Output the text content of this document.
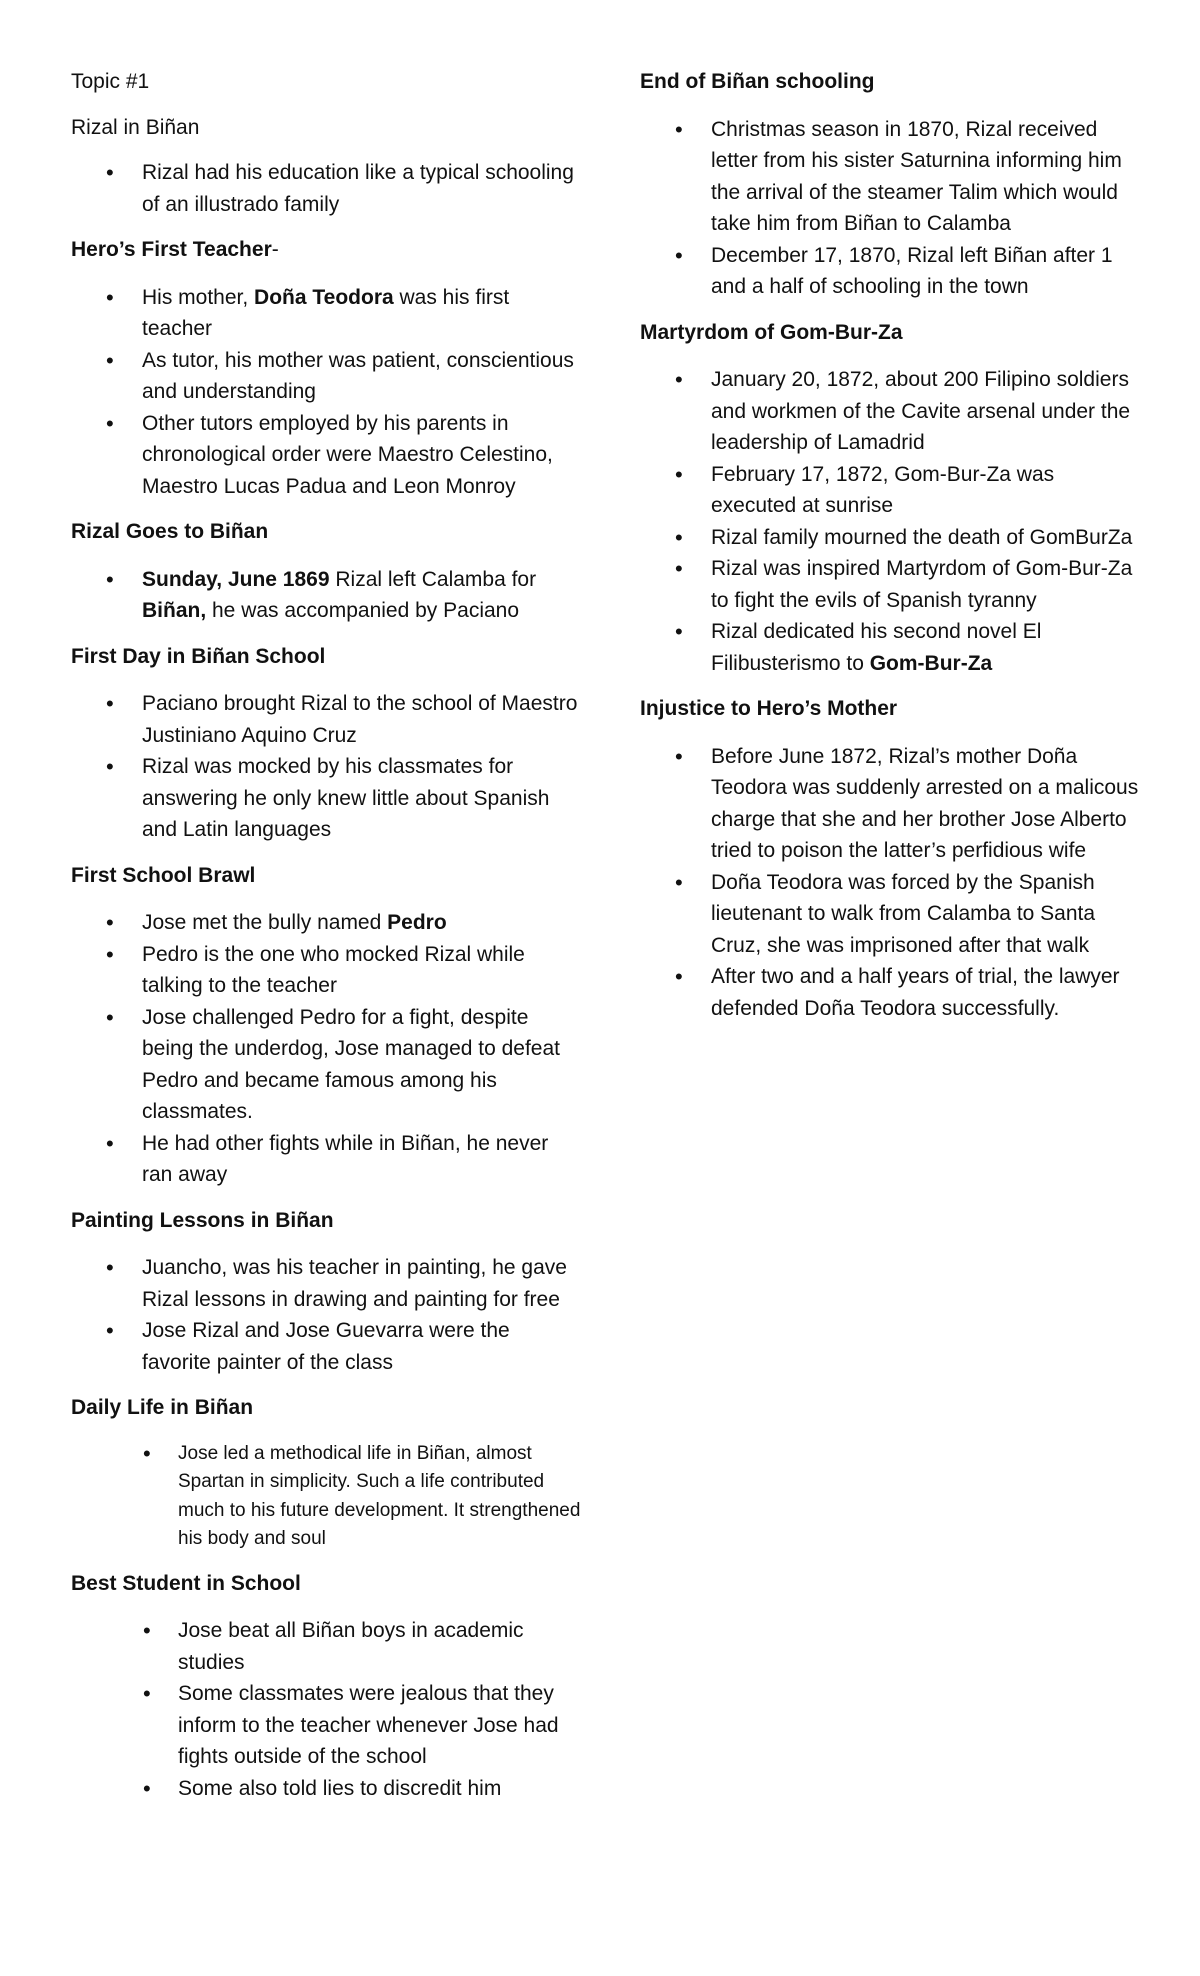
Topic #1

Rizal in Biñan

• Rizal had his education like a typical schooling of an illustrado family

Hero’s First Teacher-

• His mother, Doña Teodora was his first teacher
• As tutor, his mother was patient, conscientious and understanding
• Other tutors employed by his parents in chronological order were Maestro Celestino, Maestro Lucas Padua and Leon Monroy

Rizal Goes to Biñan

• Sunday, June 1869 Rizal left Calamba for Biñan, he was accompanied by Paciano

First Day in Biñan School

• Paciano brought Rizal to the school of Maestro Justiniano Aquino Cruz
• Rizal was mocked by his classmates for answering he only knew little about Spanish and Latin languages

First School Brawl

• Jose met the bully named Pedro
• Pedro is the one who mocked Rizal while talking to the teacher
• Jose challenged Pedro for a fight, despite being the underdog, Jose managed to defeat Pedro and became famous among his classmates.
• He had other fights while in Biñan, he never ran away

Painting Lessons in Biñan

• Juancho, was his teacher in painting, he gave Rizal lessons in drawing and painting for free
• Jose Rizal and Jose Guevarra were the favorite painter of the class

Daily Life in Biñan

• Jose led a methodical life in Biñan, almost Spartan in simplicity. Such a life contributed much to his future development. It strengthened his body and soul

Best Student in School

• Jose beat all Biñan boys in academic studies
• Some classmates were jealous that they inform to the teacher whenever Jose had fights outside of the school
• Some also told lies to discredit him

End of Biñan schooling

• Christmas season in 1870, Rizal received letter from his sister Saturnina informing him the arrival of the steamer Talim which would take him from Biñan to Calamba
• December 17, 1870, Rizal left Biñan after 1 and a half of schooling in the town

Martyrdom of Gom-Bur-Za

• January 20, 1872, about 200 Filipino soldiers and workmen of the Cavite arsenal under the leadership of Lamadrid
• February 17, 1872, Gom-Bur-Za was executed at sunrise
• Rizal family mourned the death of GomBurZa
• Rizal was inspired Martyrdom of Gom-Bur-Za to fight the evils of Spanish tyranny
• Rizal dedicated his second novel El Filibusterismo to Gom-Bur-Za

Injustice to Hero’s Mother

• Before June 1872, Rizal’s mother Doña Teodora was suddenly arrested on a malicous charge that she and her brother Jose Alberto tried to poison the latter’s perfidious wife
• Doña Teodora was forced by the Spanish lieutenant to walk from Calamba to Santa Cruz, she was imprisoned after that walk
• After two and a half years of trial, the lawyer defended Doña Teodora successfully.
